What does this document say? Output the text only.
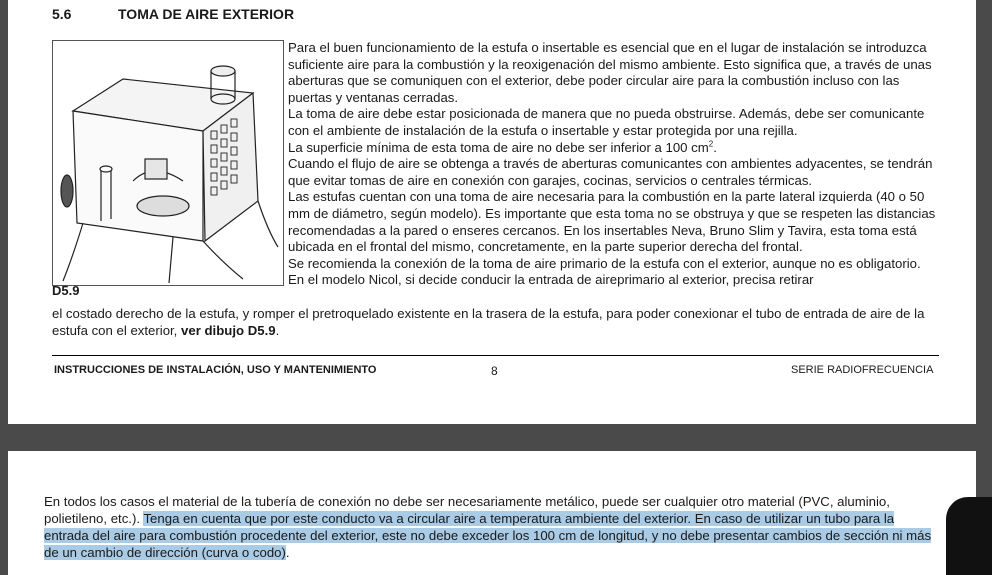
5.6	TOMA DE AIRE EXTERIOR
D5.9
Para el buen funcionamiento de la estufa o insertable es esencial que en el lugar de instalación se introduzca suficiente aire para la combustión y la reoxigenación del mismo ambiente. Esto significa que, a través de unas aberturas que se comuniquen con el exterior, debe poder circular aire para la combustión incluso con las puertas y ventanas cerradas.
La toma de aire debe estar posicionada de manera que no pueda obstruirse. Además, debe ser comunicante con el ambiente de instalación de la estufa o insertable y estar protegida por una rejilla.
La superficie mínima de esta toma de aire no debe ser inferior a 100 $cm^2$.
Cuando el flujo de aire se obtenga a través de aberturas comunicantes con ambientes adyacentes, se tendrán que evitar tomas de aire en conexión con garajes, cocinas, servicios o centrales térmicas.
Las estufas cuentan con una toma de aire necesaria para la combustión en la parte lateral izquierda (40 o 50 mm de diámetro, según modelo). Es importante que esta toma no se obstruya y que se respeten las distancias recomendadas a la pared o enseres cercanos. En los insertables Neva, Bruno Slim y Tavira, esta toma está ubicada en el frontal del mismo, concretamente, en la parte superior derecha del frontal.
Se recomienda la conexión de la toma de aire primario de la estufa con el exterior, aunque no es obligatorio. En el modelo Nicol, si decide conducir la entrada de aireprimario al exterior, precisa retirar
el costado derecho de la estufa, y romper el pretroquelado existente en la trasera de la estufa, para poder conexionar el tubo de entrada de aire de la estufa con el exterior, ver dibujo D5.9.
INSTRUCCIONES DE INSTALACIÓN, USO Y MANTENIMIENTO	8	SERIE RADIOFRECUENCIA
En todos los casos el material de la tubería de conexión no debe ser necesariamente metálico, puede ser cualquier otro material (PVC, aluminio, polietileno, etc.). Tenga en cuenta que por este conducto va a circular aire a temperatura ambiente del exterior. En caso de utilizar un tubo para la entrada del aire para combustión procedente del exterior, este no debe exceder los 100 cm de longitud, y no debe presentar cambios de sección ni más de un cambio de dirección (curva o codo).
